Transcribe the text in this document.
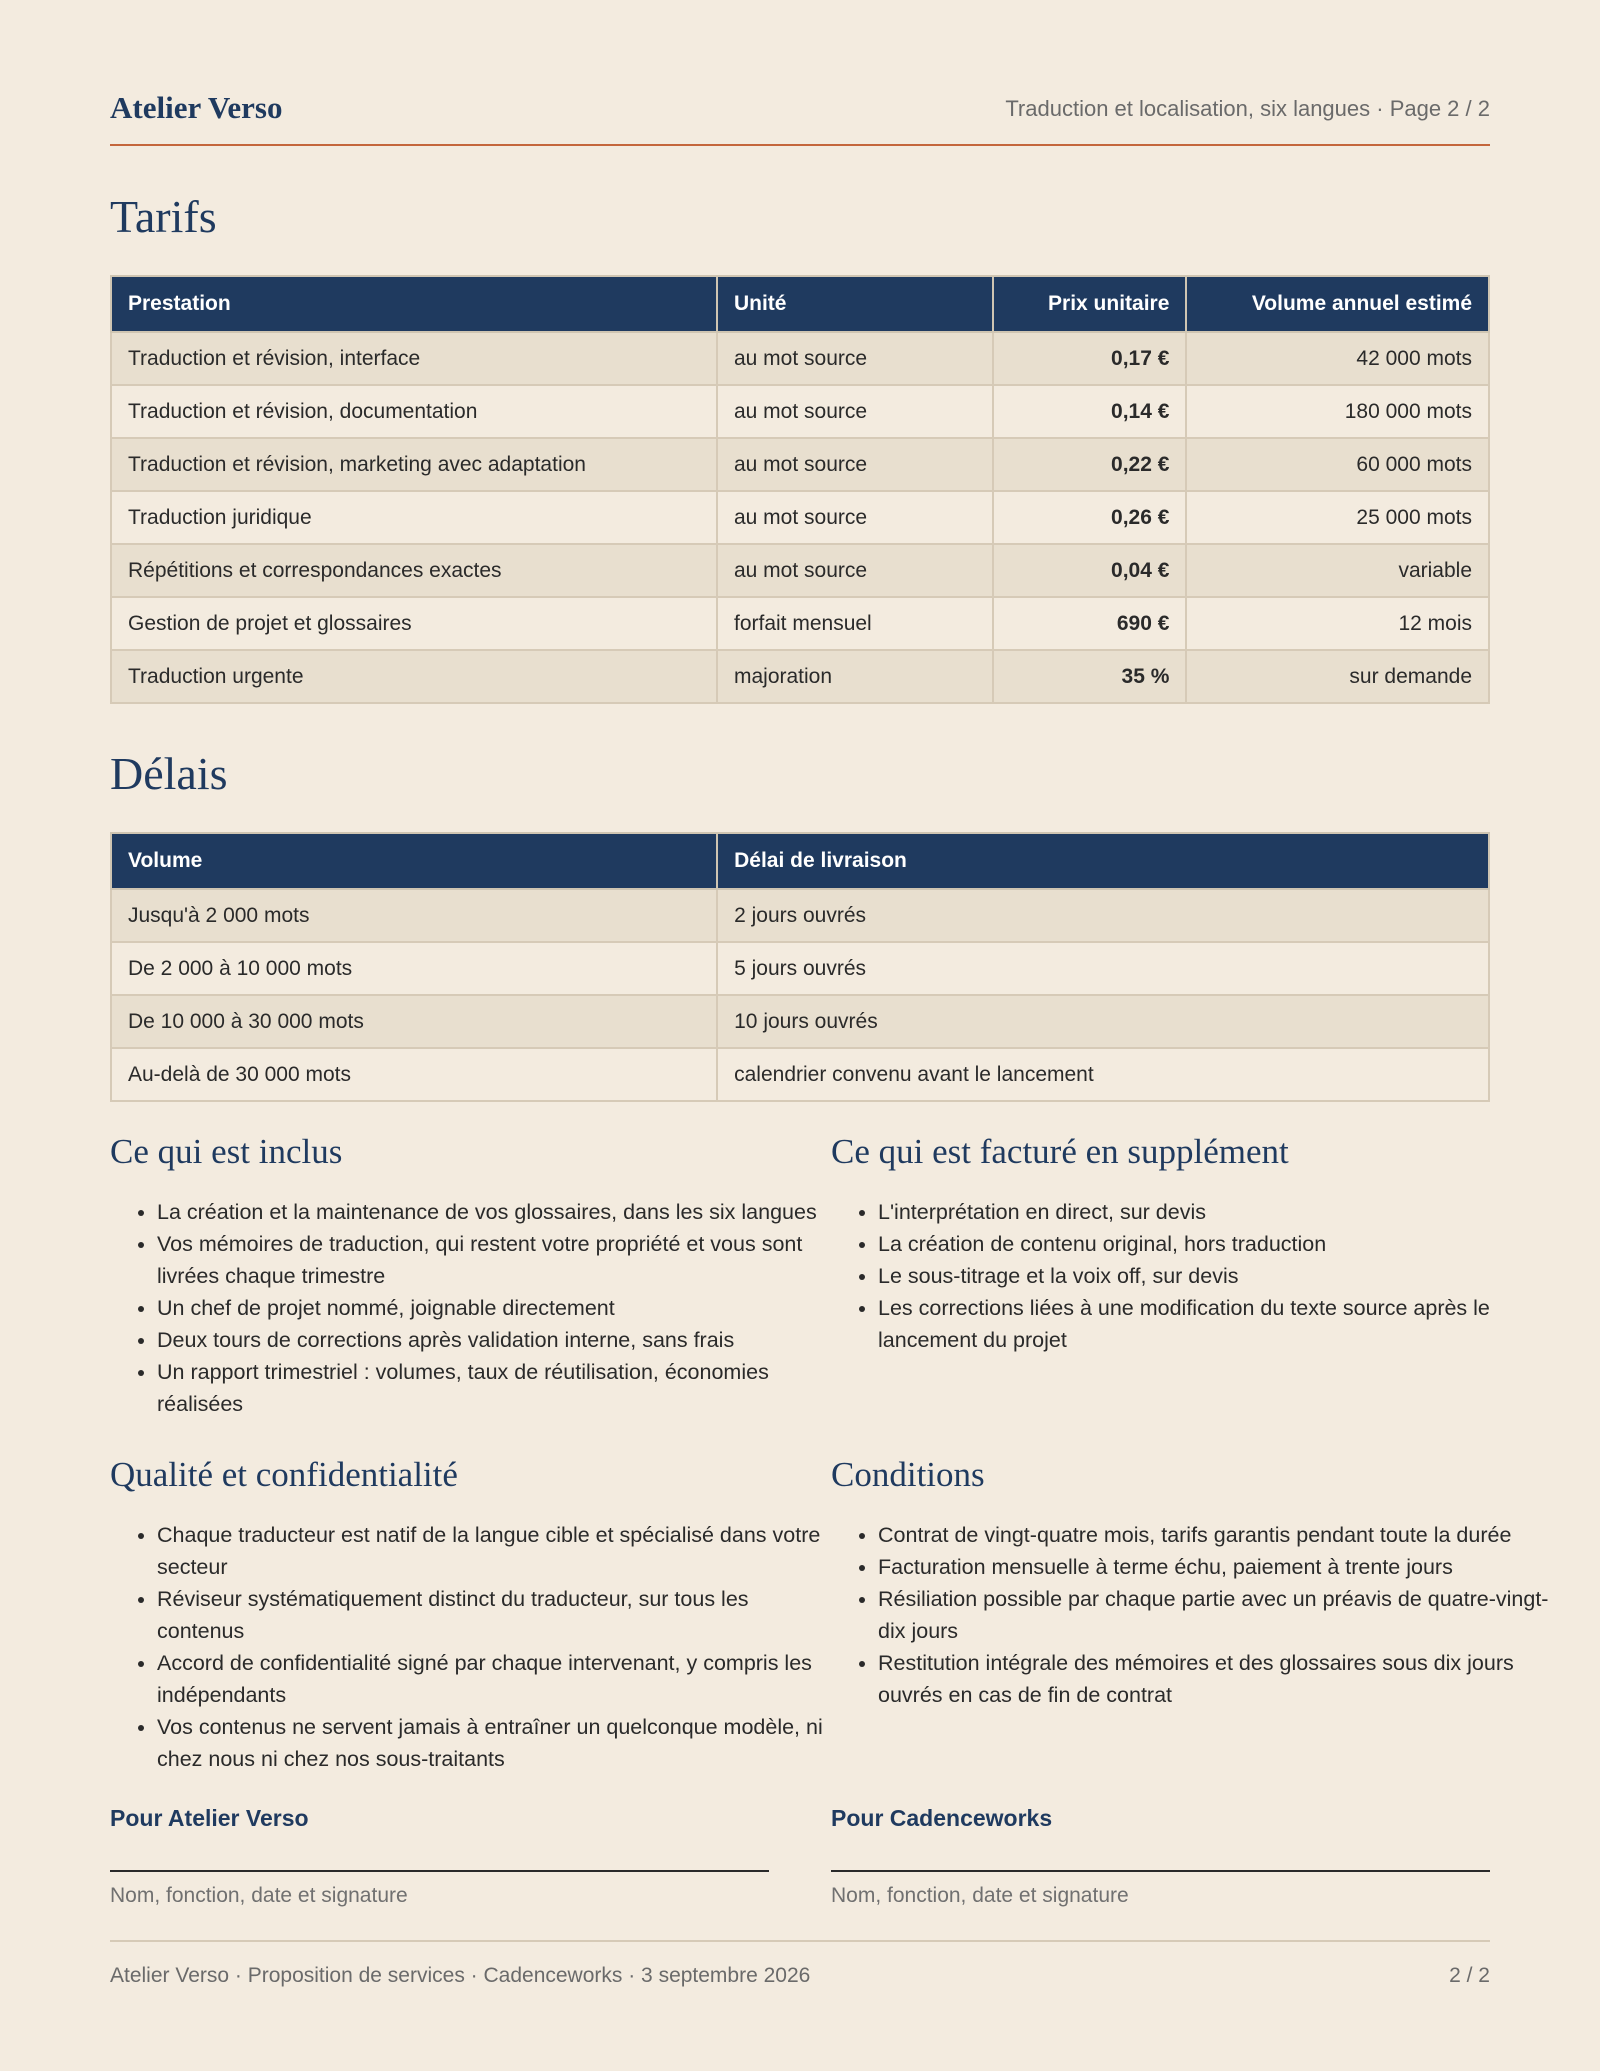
Atelier Verso	Traduction et localisation, six langues · Page 2 / 2
Tarifs
Prestation	Unité	Prix unitaire	Volume annuel estimé
Traduction et révision, interface	au mot source	0,17 €	42 000 mots
Traduction et révision, documentation	au mot source	0,14 €	180 000 mots
Traduction et révision, marketing avec adaptation	au mot source	0,22 €	60 000 mots
Traduction juridique	au mot source	0,26 €	25 000 mots
Répétitions et correspondances exactes	au mot source	0,04 €	variable
Gestion de projet et glossaires	forfait mensuel	690 €	12 mois
Traduction urgente	majoration	35 %	sur demande
Délais
Volume	Délai de livraison
Jusqu'à 2 000 mots	2 jours ouvrés
De 2 000 à 10 000 mots	5 jours ouvrés
De 10 000 à 30 000 mots	10 jours ouvrés
Au-delà de 30 000 mots	calendrier convenu avant le lancement
Ce qui est inclus
• La création et la maintenance de vos glossaires, dans les six langues
• Vos mémoires de traduction, qui restent votre propriété et vous sont livrées chaque trimestre
• Un chef de projet nommé, joignable directement
• Deux tours de corrections après validation interne, sans frais
• Un rapport trimestriel : volumes, taux de réutilisation, économies réalisées
Ce qui est facturé en supplément
• L'interprétation en direct, sur devis
• La création de contenu original, hors traduction
• Le sous-titrage et la voix off, sur devis
• Les corrections liées à une modification du texte source après le lancement du projet
Qualité et confidentialité
• Chaque traducteur est natif de la langue cible et spécialisé dans votre secteur
• Réviseur systématiquement distinct du traducteur, sur tous les contenus
• Accord de confidentialité signé par chaque intervenant, y compris les indépendants
• Vos contenus ne servent jamais à entraîner un quelconque modèle, ni chez nous ni chez nos sous-traitants
Conditions
• Contrat de vingt-quatre mois, tarifs garantis pendant toute la durée
• Facturation mensuelle à terme échu, paiement à trente jours
• Résiliation possible par chaque partie avec un préavis de quatre-vingt-dix jours
• Restitution intégrale des mémoires et des glossaires sous dix jours ouvrés en cas de fin de contrat
Pour Atelier Verso
Nom, fonction, date et signature
Pour Cadenceworks
Nom, fonction, date et signature
Atelier Verso · Proposition de services · Cadenceworks · 3 septembre 2026	2 / 2
